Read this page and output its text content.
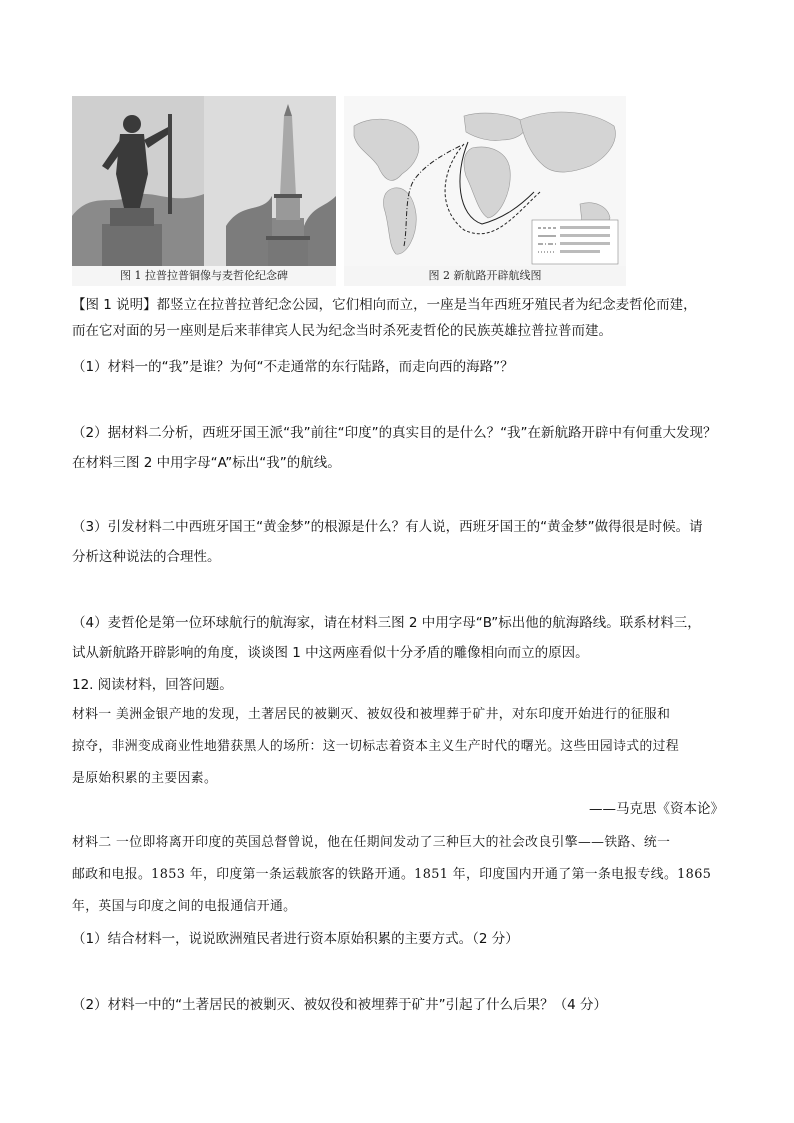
图 1 拉普拉普铜像与麦哲伦纪念碑	图 2 新航路开辟航线图
【图 1 说明】都竖立在拉普拉普纪念公园，它们相向而立，一座是当年西班牙殖民者为纪念麦哲伦而建，
而在它对面的另一座则是后来菲律宾人民为纪念当时杀死麦哲伦的民族英雄拉普拉普而建。
（1）材料一的“我”是谁？为何“不走通常的东行陆路，而走向西的海路”？
（2）据材料二分析，西班牙国王派“我”前往“印度”的真实目的是什么？“我”在新航路开辟中有何重大发现？
在材料三图 2 中用字母“A”标出“我”的航线。
（3）引发材料二中西班牙国王“黄金梦”的根源是什么？有人说，西班牙国王的“黄金梦”做得很是时候。请
分析这种说法的合理性。
（4）麦哲伦是第一位环球航行的航海家，请在材料三图 2 中用字母“B”标出他的航海路线。联系材料三，
试从新航路开辟影响的角度，谈谈图 1 中这两座看似十分矛盾的雕像相向而立的原因。
12. 阅读材料，回答问题。
材料一 美洲金银产地的发现，土著居民的被剿灭、被奴役和被埋葬于矿井，对东印度开始进行的征服和
掠夺，非洲变成商业性地猎获黑人的场所：这一切标志着资本主义生产时代的曙光。这些田园诗式的过程
是原始积累的主要因素。
——马克思《资本论》
材料二 一位即将离开印度的英国总督曾说，他在任期间发动了三种巨大的社会改良引擎——铁路、统一
邮政和电报。1853 年，印度第一条运载旅客的铁路开通。1851 年，印度国内开通了第一条电报专线。1865
年，英国与印度之间的电报通信开通。
（1）结合材料一，说说欧洲殖民者进行资本原始积累的主要方式。（2 分）
（2）材料一中的“土著居民的被剿灭、被奴役和被埋葬于矿井”引起了什么后果？（4 分）
